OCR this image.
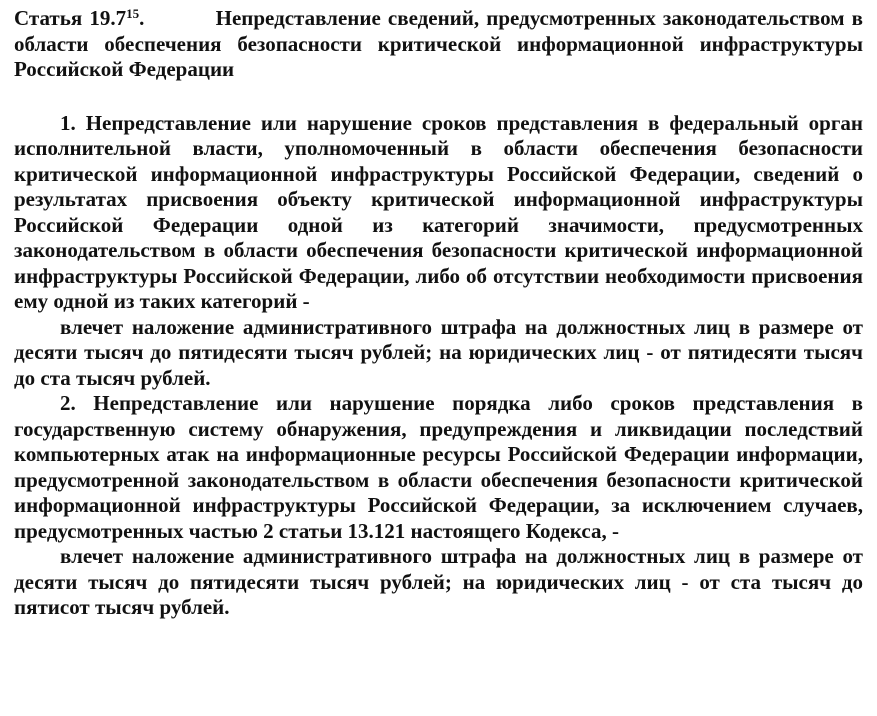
Статья 19.7$^{15}$.	Непредставление сведений, предусмотренных законодательством в области обеспечения безопасности критической информационной инфраструктуры Российской Федерации

1. Непредставление или нарушение сроков представления в федеральный орган исполнительной власти, уполномоченный в области обеспечения безопасности критической информационной инфраструктуры Российской Федерации, сведений о результатах присвоения объекту критической информационной инфраструктуры Российской Федерации одной из категорий значимости, предусмотренных законодательством в области обеспечения безопасности критической информационной инфраструктуры Российской Федерации, либо об отсутствии необходимости присвоения ему одной из таких категорий -

влечет наложение административного штрафа на должностных лиц в размере от десяти тысяч до пятидесяти тысяч рублей; на юридических лиц - от пятидесяти тысяч до ста тысяч рублей.

2. Непредставление или нарушение порядка либо сроков представления в государственную систему обнаружения, предупреждения и ликвидации последствий компьютерных атак на информационные ресурсы Российской Федерации информации, предусмотренной законодательством в области обеспечения безопасности критической информационной инфраструктуры Российской Федерации, за исключением случаев, предусмотренных частью 2 статьи 13.121 настоящего Кодекса, -

влечет наложение административного штрафа на должностных лиц в размере от десяти тысяч до пятидесяти тысяч рублей; на юридических лиц - от ста тысяч до пятисот тысяч рублей.
